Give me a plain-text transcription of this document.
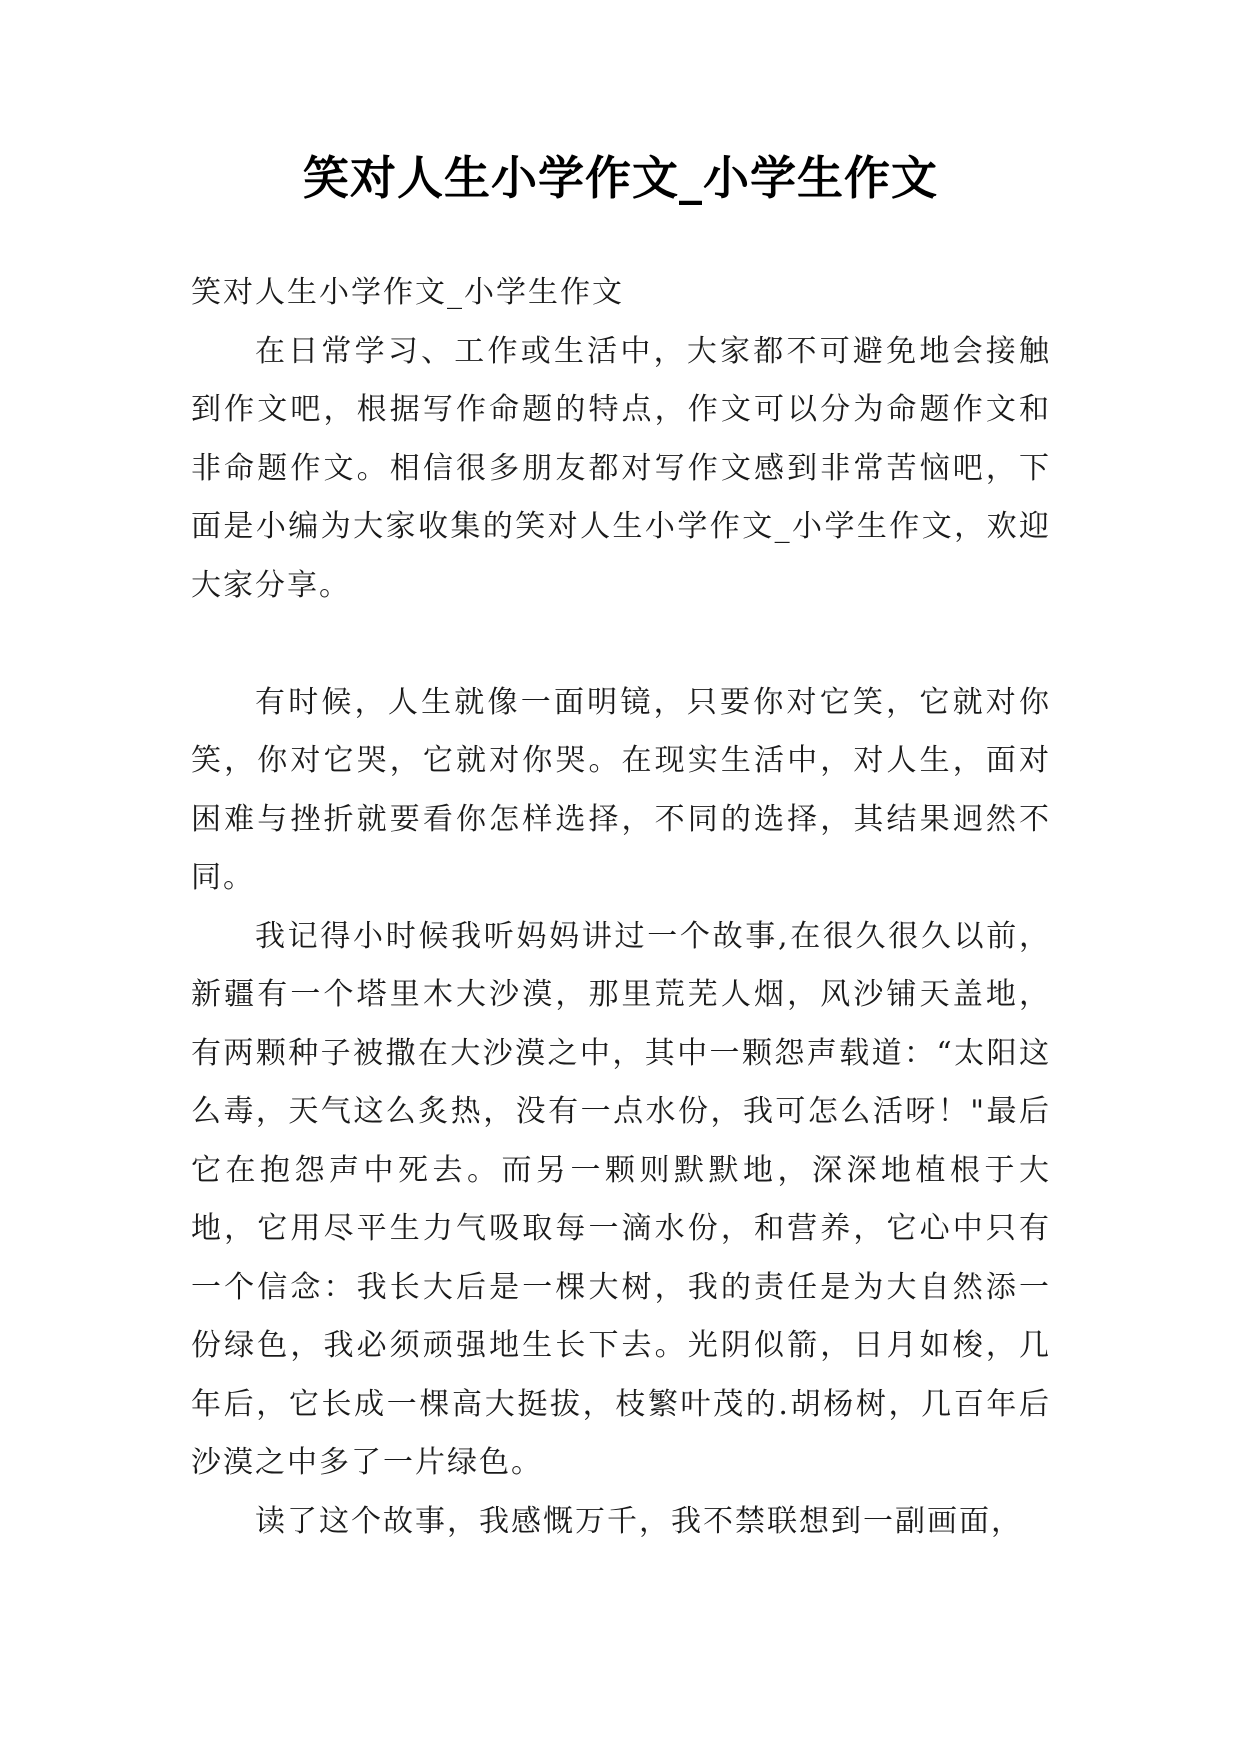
笑对人生小学作文_小学生作文

笑对人生小学作文_小学生作文

在日常学习、工作或生活中，大家都不可避免地会接触到作文吧，根据写作命题的特点，作文可以分为命题作文和非命题作文。相信很多朋友都对写作文感到非常苦恼吧，下面是小编为大家收集的笑对人生小学作文_小学生作文，欢迎大家分享。

有时候，人生就像一面明镜，只要你对它笑，它就对你笑，你对它哭，它就对你哭。在现实生活中，对人生，面对困难与挫折就要看你怎样选择，不同的选择，其结果迥然不同。

我记得小时候我听妈妈讲过一个故事,在很久很久以前，新疆有一个塔里木大沙漠，那里荒芜人烟，风沙铺天盖地，有两颗种子被撒在大沙漠之中，其中一颗怨声载道：“太阳这么毒，天气这么炙热，没有一点水份，我可怎么活呀！"最后它在抱怨声中死去。而另一颗则默默地，深深地植根于大地，它用尽平生力气吸取每一滴水份，和营养，它心中只有一个信念：我长大后是一棵大树，我的责任是为大自然添一份绿色，我必须顽强地生长下去。光阴似箭，日月如梭，几年后，它长成一棵高大挺拔，枝繁叶茂的.胡杨树，几百年后沙漠之中多了一片绿色。

读了这个故事，我感慨万千，我不禁联想到一副画面，
